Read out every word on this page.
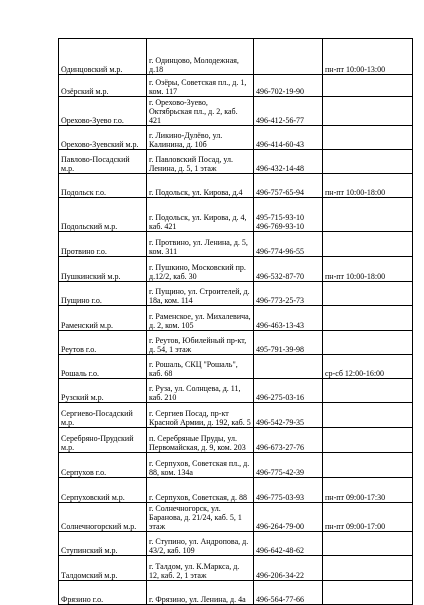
Одинцовский м.р.	г. Одинцово, Молодежная, д.18		пн-пт 10:00-13:00
Озёрский м.р.	г. Озёры, Советская пл., д. 1, ком. 117	496-702-19-90	
Орехово-Зуево г.о.	г. Орехово-Зуево, Октябрьская пл., д. 2, каб. 421	496-412-56-77	
Орехово-Зуевский м.р.	г. Ликино-Дулёво, ул. Калинина, д. 10б	496-414-60-43	
Павлово-Посадский м.р.	г. Павловский Посад, ул. Ленина, д. 5, 1 этаж	496-432-14-48	
Подольск г.о.	г. Подольск, ул. Кирова, д.4	496-757-65-94	пн-пт 10:00-18:00
Подольский м.р.	г. Подольск, ул. Кирова, д. 4, каб. 421	495-715-93-10 496-769-93-10	
Протвино г.о.	г. Протвино, ул. Ленина, д. 5, ком. 311	496-774-96-55	
Пушкинский м.р.	г. Пушкино, Московский пр. д.12/2, каб. 30	496-532-87-70	пн-пт 10:00-18:00
Пущино г.о.	г. Пущино, ул. Строителей, д. 18а, ком. 114	496-773-25-73	
Раменский м.р.	г. Раменское, ул. Михалевича, д. 2, ком. 105	496-463-13-43	
Реутов г.о.	г. Реутов, Юбилейный пр-кт, д. 54, 1 этаж	495-791-39-98	
Рошаль г.о.	г. Рошаль, СКЦ "Рошаль", каб. 68		ср-сб 12:00-16:00
Рузский м.р.	г. Руза, ул. Солнцева, д. 11, каб. 210	496-275-03-16	
Сергиево-Посадский м.р.	г. Сергиев Посад, пр-кт Красной Армии, д. 192, каб. 5	496-542-79-35	
Серебряно-Прудский м.р.	п. Серебряные Пруды, ул. Первомайская, д. 9, ком. 203	496-673-27-76	
Серпухов г.о.	г. Серпухов, Советская пл., д. 88, ком. 134а	496-775-42-39	
Серпуховский м.р.	г. Серпухов, Советская, д. 88	496-775-03-93	пн-пт 09:00-17:30
Солнечногорский м.р.	г. Солнечногорск, ул. Баранова, д. 21/24, каб. 5, 1 этаж	496-264-79-00	пн-пт 09:00-17:00
Ступинский м.р.	г. Ступино, ул. Андропова, д. 43/2, каб. 109	496-642-48-62	
Талдомский м.р.	г. Талдом, ул. К.Маркса, д. 12, каб. 2, 1 этаж	496-206-34-22	
Фрязино г.о.	г. Фрязино, ул. Ленина, д. 4а	496-564-77-66	
